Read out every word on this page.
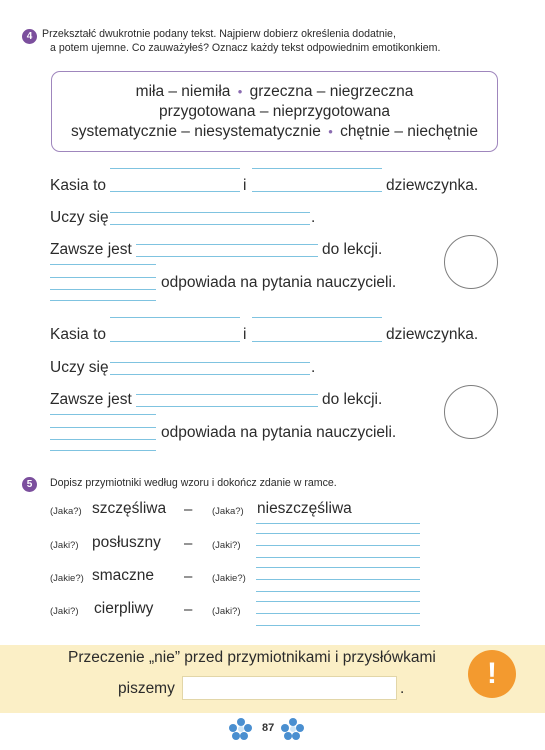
4 Przekształć dwukrotnie podany tekst. Najpierw dobierz określenia dodatnie,
a potem ujemne. Co zauważyłeś? Oznacz każdy tekst odpowiednim emotikonkiem.
miła – niemiła • grzeczna – niegrzeczna
przygotowana – nieprzygotowana
systematycznie – niesystematycznie • chętnie – niechętnie
Kasia to	i	dziewczynka.
Uczy się	.
Zawsze jest	do lekcji.
odpowiada na pytania nauczycieli.
Kasia to	i	dziewczynka.
Uczy się	.
Zawsze jest	do lekcji.
odpowiada na pytania nauczycieli.
5	Dopisz przymiotniki według wzoru i dokończ zdanie w ramce.
(Jaka?) szczęśliwa – (Jaka?) nieszczęśliwa
(Jaki?) posłuszny – (Jaki?)
(Jakie?) smaczne – (Jakie?)
(Jaki?) cierpliwy – (Jaki?)
Przeczenie „nie” przed przymiotnikami i przysłówkami
piszemy	.	!
87
